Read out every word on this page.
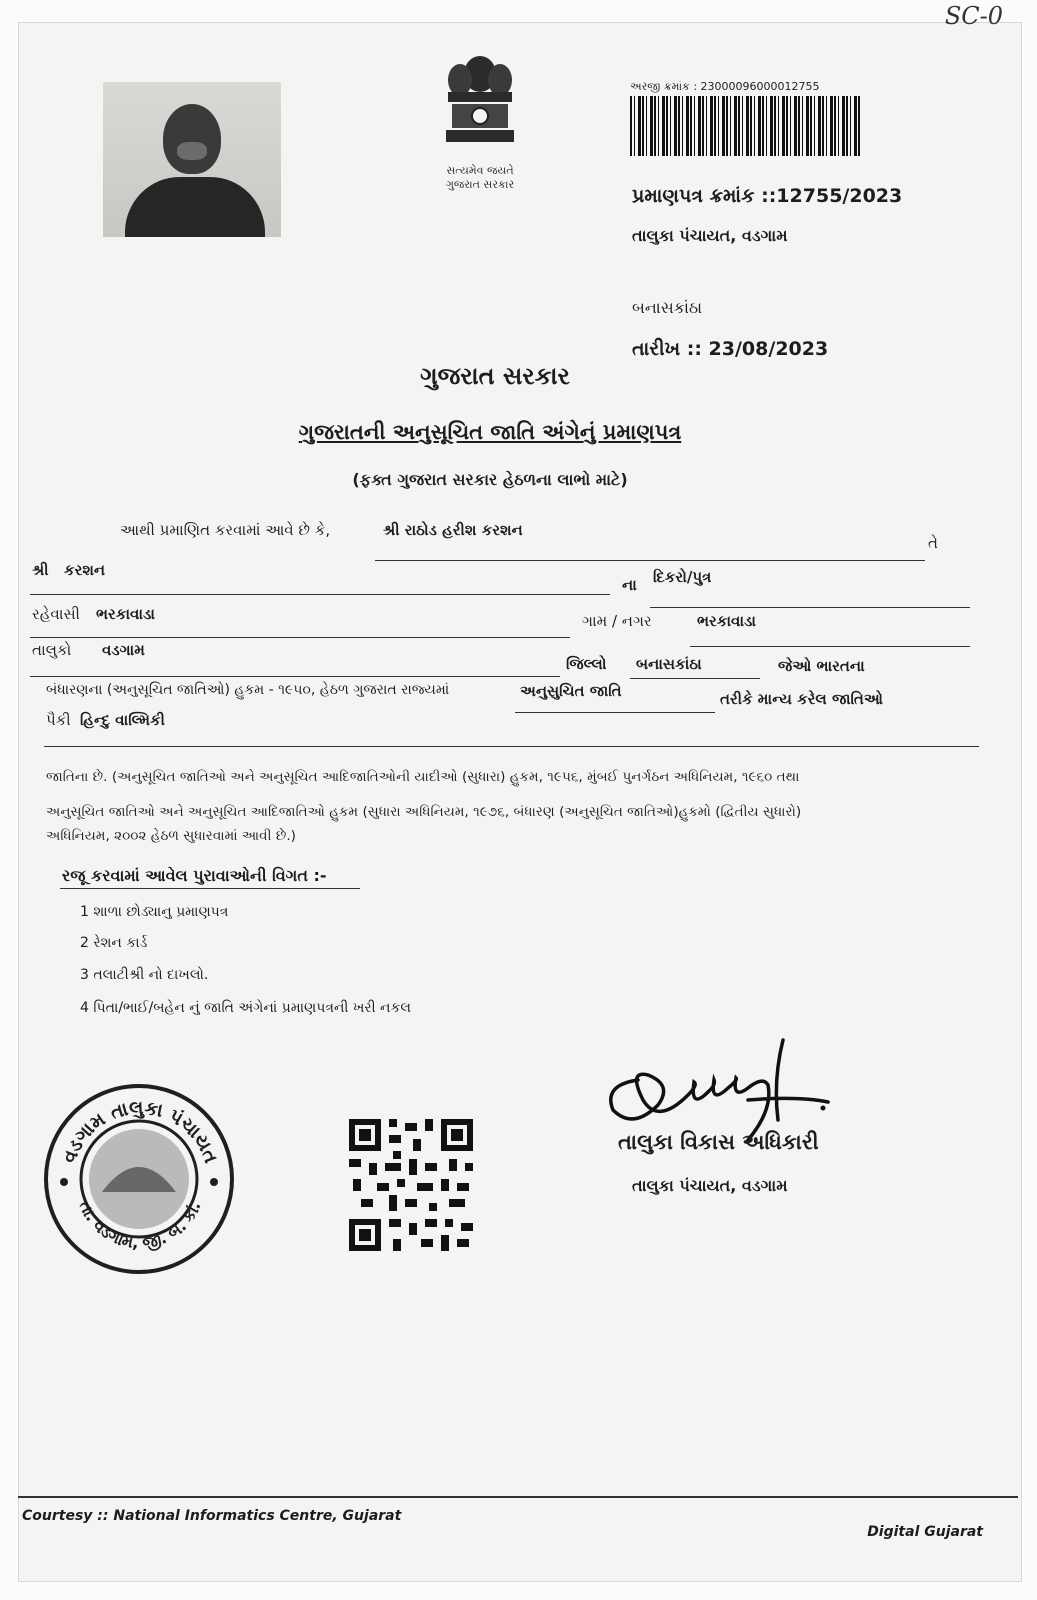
SC-0
સત્યમેવ જયતે
ગુજરાત સરકાર
અરજી ક્રમાંક : 23000096000012755
પ્રમાણપત્ર ક્રમાંક ::12755/2023
તાલુકા પંચાયત, વડગામ
બનાસકાંઠા
તારીખ :: 23/08/2023
ગુજરાત સરકાર
ગુજરાતની અનુસૂચિત જાતિ અંગેનું પ્રમાણપત્ર
(ફક્ત ગુજરાત સરકાર હેઠળના લાભો માટે)
આથી પ્રમાણિત કરવામાં આવે છે કે,	શ્રી રાઠોડ હરીશ કરશન
તે
શ્રી કરશન
ના દિકરો/પુત્ર
રહેવાસી ભરકાવાડા	ગામ / નગર	ભરકાવાડા
તાલુકો વડગામ
જિલ્લો બનાસકાંઠા	જેઓ ભારતના
બંધારણના (અનુસૂચિત જાતિઓ) હુકમ - ૧૯૫૦, હેઠળ ગુજરાત રાજ્યમાં	અનુસુચિત જાતિ	તરીકે માન્ય કરેલ જાતિઓ
પૈકી હિન્દુ વાલ્મિકી
જાતિના છે. (અનુસૂચિત જાતિઓ અને અનુસૂચિત આદિજાતિઓની યાદીઓ (સુધારા) હુકમ, ૧૯૫૬, મુંબઈ પુનર્ગઠન અધિનિયમ, ૧૯૬૦ તથા
અનુસૂચિત જાતિઓ અને અનુસૂચિત આદિજાતિઓ હુકમ (સુધારા અધિનિયમ, ૧૯૭૬, બંધારણ (અનુસૂચિત જાતિઓ)હુકમો (દ્વિતીય સુધારો)
અધિનિયમ, ૨૦૦૨ હેઠળ સુધારવામાં આવી છે.)
રજૂ કરવામાં આવેલ પુરાવાઓની વિગત :-
1 શાળા છોડ્યાનુ પ્રમાણપત્ર
2 રેશન કાર્ડ
3 તલાટીશ્રી નો દાખલો.
4 પિતા/ભાઈ/બહેન નું જાતિ અંગેનાં પ્રમાણપત્રની ખરી નકલ
વડગામ તાલુકા પંચાયત
તા. વડગામ, જી. બ. કાં.
તાલુકા વિકાસ અધિકારી
તાલુકા પંચાયત, વડગામ
Courtesy :: National Informatics Centre, Gujarat
Digital Gujarat
